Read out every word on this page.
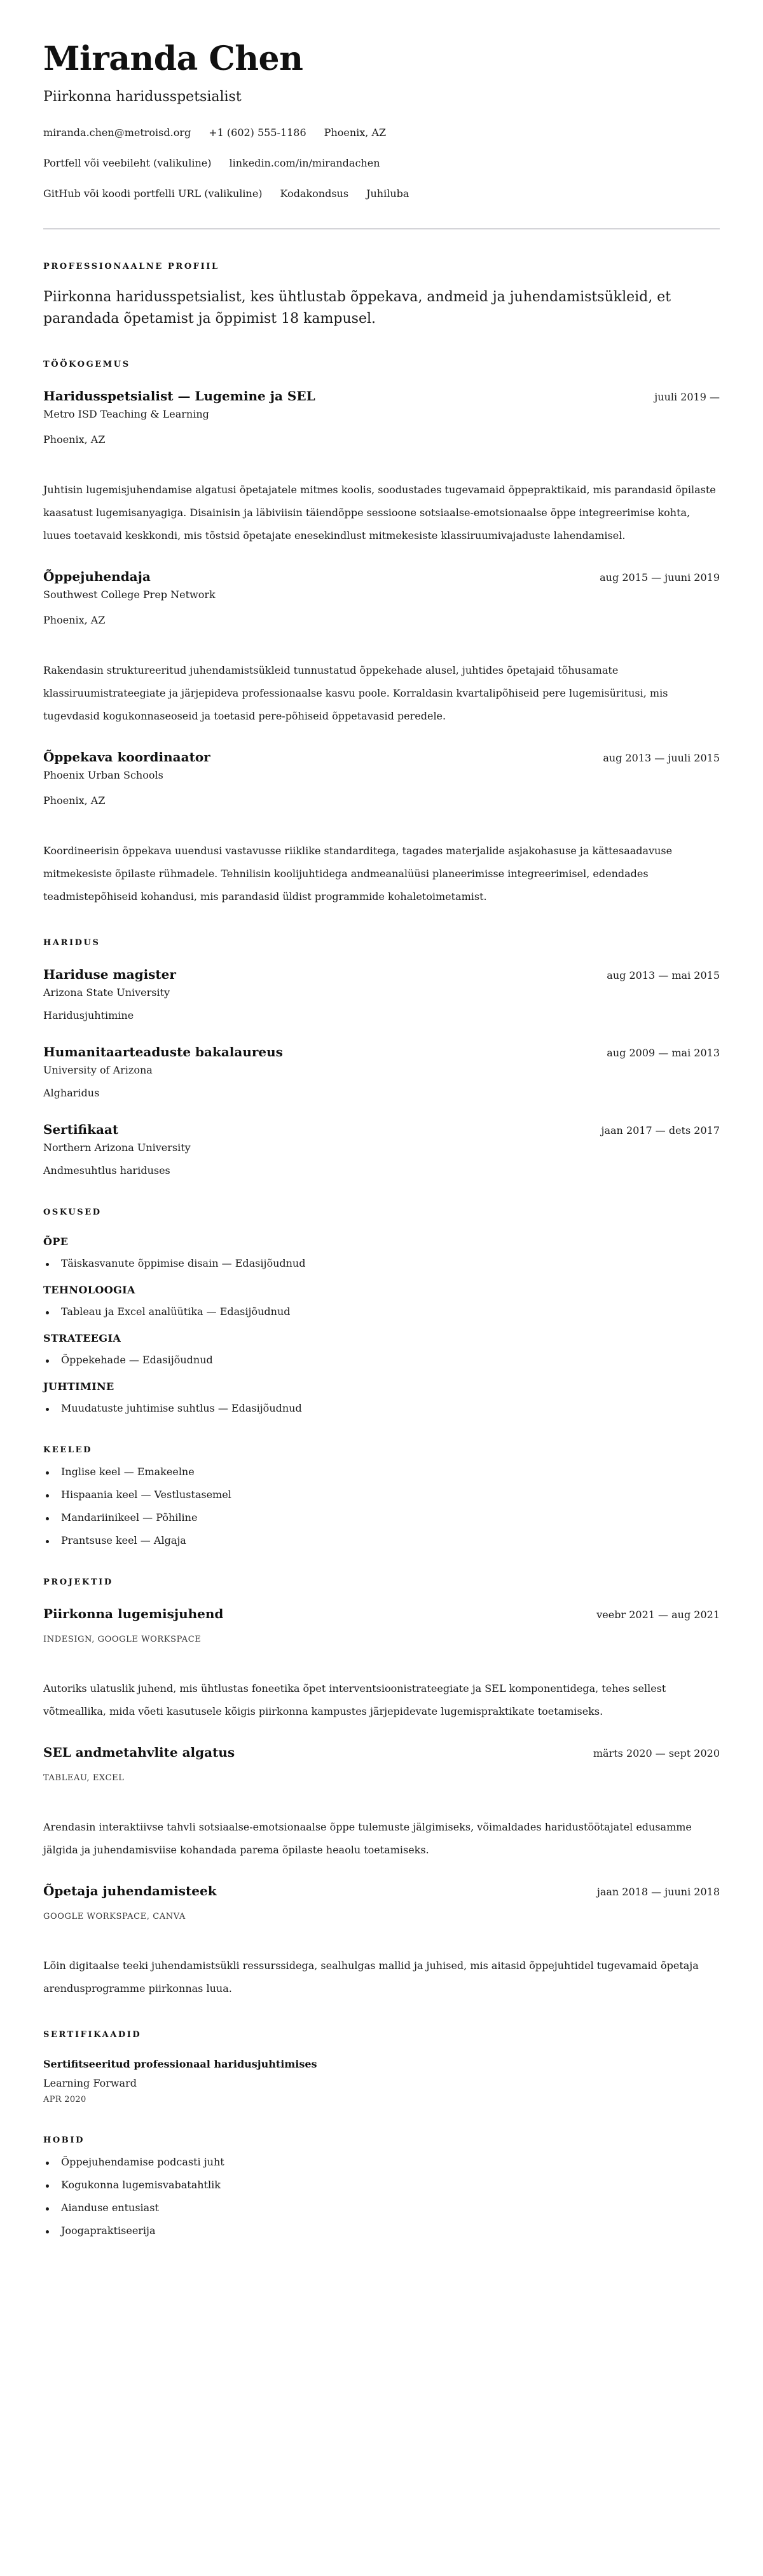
Miranda Chen
Piirkonna haridusspetsialist
miranda.chen@metroisd.org +1 (602) 555-1186 Phoenix, AZ
Portfell või veebileht (valikuline) linkedin.com/in/mirandachen
GitHub või koodi portfelli URL (valikuline) Kodakondsus Juhiluba
PROFESSIONAALNE PROFIIL

Piirkonna haridusspetsialist, kes ühtlustab õppekava, andmeid ja juhendamistsükleid, et parandada õpetamist ja õppimist 18 kampusel.

TÖÖKOGEMUS
Haridusspetsialist — Lugemine ja SEL	juuli 2019 —
Metro ISD Teaching & Learning
Phoenix, AZ

Juhtisin lugemisjuhendamise algatusi õpetajatele mitmes koolis, soodustades tugevamaid õppepraktikaid, mis parandasid õpilaste kaasatust lugemisanyagiga. Disainisin ja läbiviisin täiendõppe sessioone sotsiaalse-emotsionaalse õppe integreerimise kohta, luues toetavaid keskkondi, mis tõstsid õpetajate enesekindlust mitmekesiste klassiruumivajaduste lahendamisel.

Õppejuhendaja	aug 2015 — juuni 2019
Southwest College Prep Network
Phoenix, AZ

Rakendasin struktureeritud juhendamistsükleid tunnustatud õppekehade alusel, juhtides õpetajaid tõhusamate klassiruumistrateegiate ja järjepideva professionaalse kasvu poole. Korraldasin kvartalipõhiseid pere lugemisüritusi, mis tugevdasid kogukonnaseoseid ja toetasid pere-põhiseid õppetavasid peredele.

Õppekava koordinaator	aug 2013 — juuli 2015
Phoenix Urban Schools
Phoenix, AZ

Koordineerisin õppekava uuendusi vastavusse riiklike standarditega, tagades materjalide asjakohasuse ja kättesaadavuse mitmekesiste õpilaste rühmadele. Tehnilisin koolijuhtidega andmeanalüüsi planeerimisse integreerimisel, edendades teadmistepõhiseid kohandusi, mis parandasid üldist programmide kohaletoimetamist.

HARIDUS
Hariduse magister	aug 2013 — mai 2015
Arizona State University
Haridusjuhtimine
Humanitaarteaduste bakalaureus	aug 2009 — mai 2013
University of Arizona
Algharidus
Sertifikaat	jaan 2017 — dets 2017
Northern Arizona University
Andmesuhtlus hariduses
OSKUSED
ÕPE
Täiskasvanute õppimise disain — Edasijõudnud
TEHNOLOOGIA
Tableau ja Excel analüütika — Edasijõudnud
STRATEEGIA
Õppekehade — Edasijõudnud
JUHTIMINE
Muudatuste juhtimise suhtlus — Edasijõudnud
KEELED
Inglise keel — Emakeelne
Hispaania keel — Vestlustasemel
Mandariinikeel — Põhiline
Prantsuse keel — Algaja
PROJEKTID
Piirkonna lugemisjuhend	veebr 2021 — aug 2021
INDESIGN, GOOGLE WORKSPACE

Autoriks ulatuslik juhend, mis ühtlustas foneetika õpet interventsioonistrateegiate ja SEL komponentidega, tehes sellest võtmeallika, mida võeti kasutusele kõigis piirkonna kampustes järjepidevate lugemispraktikate toetamiseks.

SEL andmetahvlite algatus	märts 2020 — sept 2020
TABLEAU, EXCEL

Arendasin interaktiivse tahvli sotsiaalse-emotsionaalse õppe tulemuste jälgimiseks, võimaldades haridustöötajatel edusamme jälgida ja juhendamisviise kohandada parema õpilaste heaolu toetamiseks.

Õpetaja juhendamisteek	jaan 2018 — juuni 2018
GOOGLE WORKSPACE, CANVA

Lõin digitaalse teeki juhendamistsükli ressurssidega, sealhulgas mallid ja juhised, mis aitasid õppejuhtidel tugevamaid õpetaja arendusprogramme piirkonnas luua.

SERTIFIKAADID
Sertifitseeritud professionaal haridusjuhtimises
Learning Forward
APR 2020
HOBID
Õppejuhendamise podcasti juht
Kogukonna lugemisvabatahtlik
Aianduse entusiast
Joogapraktiseerija
